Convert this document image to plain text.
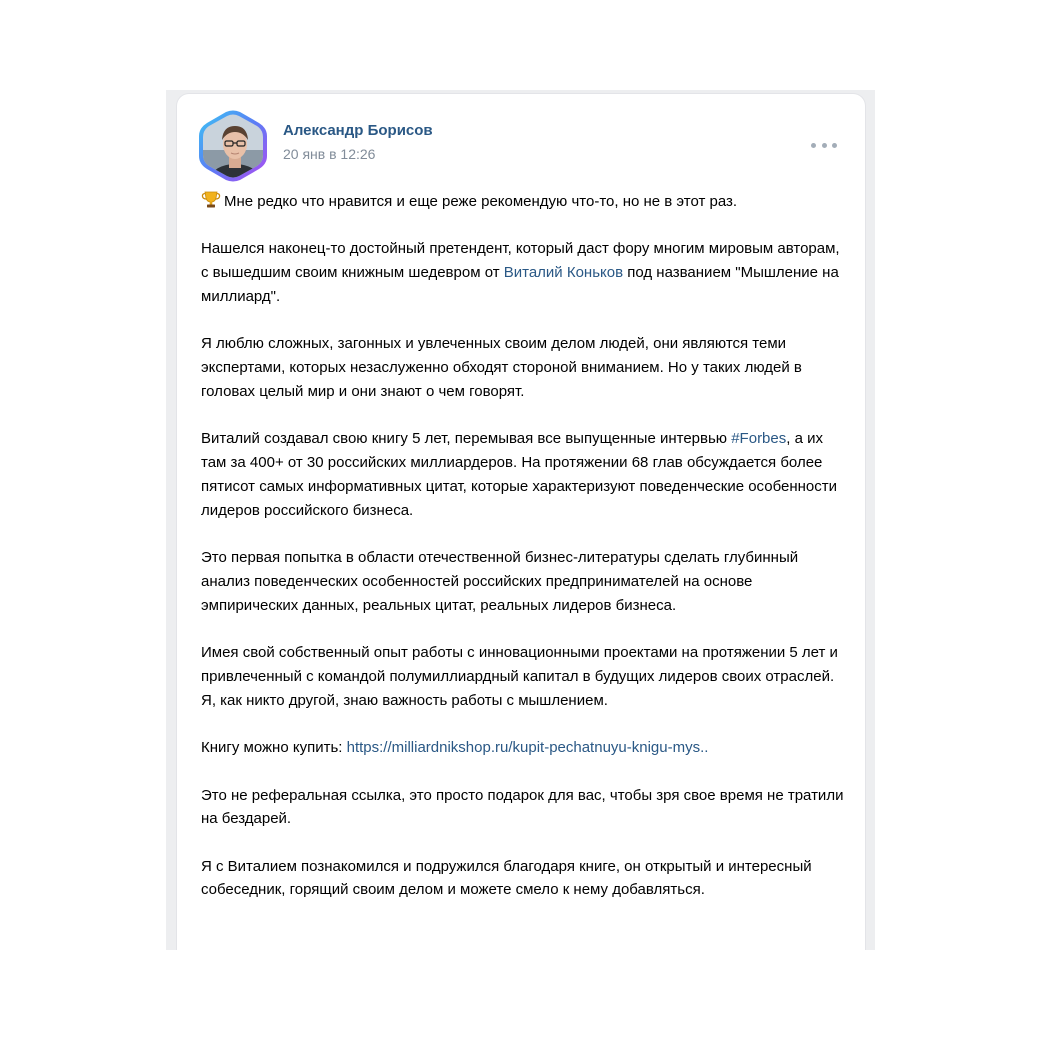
Александр Борисов
20 янв в 12:26

Мне редко что нравится и еще реже рекомендую что-то, но не в этот раз.

Нашелся наконец-то достойный претендент, который даст фору многим мировым авторам, с вышедшим своим книжным шедевром от Виталий Коньков под названием "Мышление на миллиард".

Я люблю сложных, загонных и увлеченных своим делом людей, они являются теми экспертами, которых незаслуженно обходят стороной вниманием. Но у таких людей в головах целый мир и они знают о чем говорят.

Виталий создавал свою книгу 5 лет, перемывая все выпущенные интервью #Forbes, а их там за 400+ от 30 российских миллиардеров. На протяжении 68 глав обсуждается более пятисот самых информативных цитат, которые характеризуют поведенческие особенности лидеров российского бизнеса.

Это первая попытка в области отечественной бизнес-литературы сделать глубинный анализ поведенческих особенностей российских предпринимателей на основе эмпирических данных, реальных цитат, реальных лидеров бизнеса.

Имея свой собственный опыт работы с инновационными проектами на протяжении 5 лет и привлеченный с командой полумиллиардный капитал в будущих лидеров своих отраслей. Я, как никто другой, знаю важность работы с мышлением.

Книгу можно купить: https://milliardnikshop.ru/kupit-pechatnuyu-knigu-mys..

Это не реферальная ссылка, это просто подарок для вас, чтобы зря свое время не тратили на бездарей.

Я с Виталием познакомился и подружился благодаря книге, он открытый и интересный собеседник, горящий своим делом и можете смело к нему добавляться.
